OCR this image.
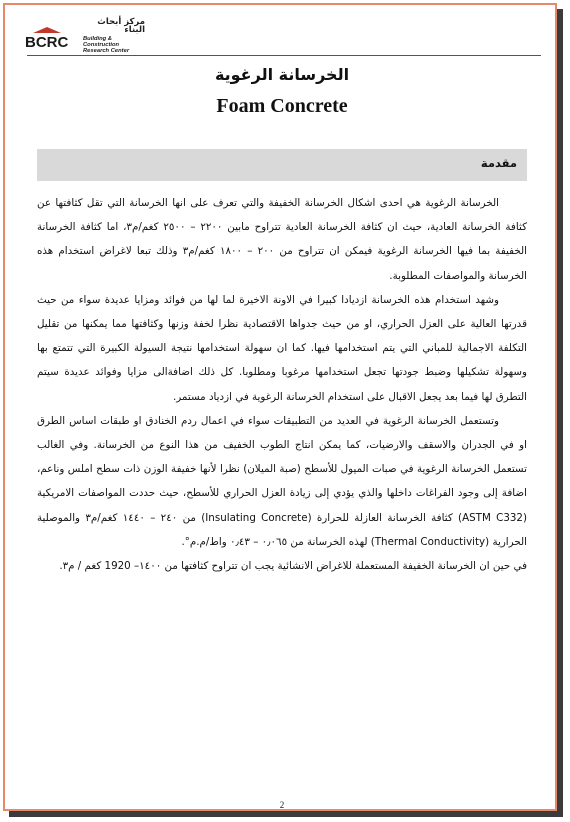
BCRC
مركز أبحاث البناء
Building & Construction Research Center
الخرسانة الرغوية
Foam Concrete
مقدمة

الخرسانة الرغوية هي احدى اشكال الخرسانة الخفيفة والتي تعرف على انها الخرسانة التي تقل كثافتها عن كثافة الخرسانة العادية، حيث ان كثافة الخرسانة العادية تتراوح مابين ٢٢٠٠ – ٢٥٠٠ كغم/م٣، اما كثافة الخرسانة الخفيفة بما فيها الخرسانة الرغوية فيمكن ان تتراوح من ٢٠٠ – ١٨٠٠ كغم/م٣ وذلك تبعا لاغراض استخدام هذه الخرسانة والمواصفات المطلوبة.

وشهد استخدام هذه الخرسانة ازديادا كبيرا في الاونة الاخيرة لما لها من فوائد ومزايا عديدة سواء من حيث قدرتها العالية على العزل الحراري، او من حيث جدواها الاقتصادية نظرا لخفة وزنها وكثافتها مما يمكنها من تقليل التكلفة الاجمالية للمباني التي يتم استخدامها فيها. كما ان سهولة استخدامها نتيجة السيولة الكبيرة التي تتمتع بها وسهولة تشكيلها وضبط جودتها تجعل استخدامها مرغوبا ومطلوبا. كل ذلك اضافةالى مزايا وفوائد عديدة سيتم التطرق لها فيما بعد يجعل الاقبال على استخدام الخرسانة الرغوية في ازدياد مستمر.

وتستعمل الخرسانة الرغوية في العديد من التطبيقات سواء في اعمال ردم الخنادق او طبقات اساس الطرق او في الجدران والاسقف والارضيات، كما يمكن انتاج الطوب الخفيف من هذا النوع من الخرسانة. وفي الغالب تستعمل الخرسانة الرغوية في صبات الميول للأسطح (صبة الميلان) نظرا لأنها خفيفة الوزن ذات سطح املس وناعم، اضافة إلى وجود الفراغات داخلها والذي يؤدي إلى زيادة العزل الحراري للأسطح، حيث حددت المواصفات الامريكية (ASTM C332) كثافة الخرسانة العازلة للحرارة (Insulating Concrete) من ٢٤٠ – ١٤٤٠ كغم/م٣ والموصلية الحرارية (Thermal Conductivity) لهذه الخرسانة من ٠٫٠٦٥ – ٠٫٤٣ واط/م.م°.

في حين ان الخرسانة الخفيفة المستعملة للاغراض الانشائية يجب ان تتراوح كثافتها من ١٤٠٠– 1920 كغم / م٣.

2
